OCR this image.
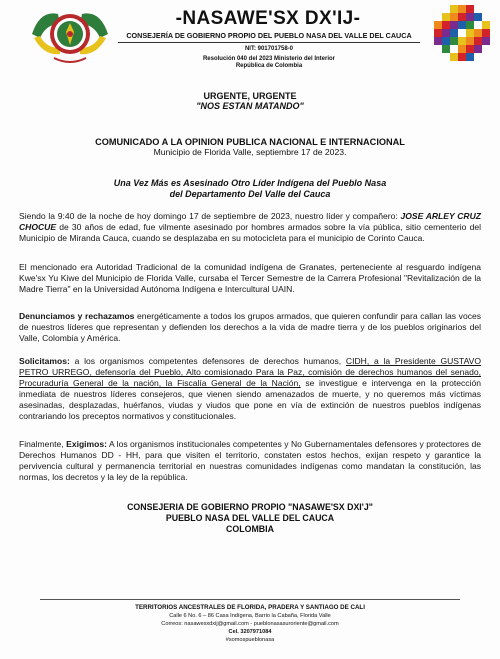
-NASAWE'SX DX'IJ-
CONSEJERÍA DE GOBIERNO PROPIO DEL PUEBLO NASA DEL VALLE DEL CAUCA
NIT: 901701758-0
Resolución 040 del 2023 Ministerio del Interior
República de Colombia
URGENTE, URGENTE
"NOS ESTAN MATANDO"
COMUNICADO A LA OPINION PUBLICA NACIONAL E INTERNACIONAL
Municipio de Florida Valle, septiembre 17 de 2023.
Una Vez Más es Asesinado Otro Líder Indígena del Pueblo Nasa
del Departamento Del Valle del Cauca

Siendo la 9:40 de la noche de hoy domingo 17 de septiembre de 2023, nuestro líder y compañero: JOSE ARLEY CRUZ CHOCUE de 30 años de edad, fue vilmente asesinado por hombres armados sobre la vía pública, sitio cementerio del Municipio de Miranda Cauca, cuando se desplazaba en su motocicleta para el municipio de Corinto Cauca.

El mencionado era Autoridad Tradicional de la comunidad indígena de Granates, perteneciente al resguardo indígena Kwe'sx Yu Kiwe del Municipio de Florida Valle, cursaba el Tercer Semestre de la Carrera Profesional "Revitalización de la Madre Tierra" en la Universidad Autónoma Indígena e Intercultural UAIN.

Denunciamos y rechazamos energéticamente a todos los grupos armados, que quieren confundir para callan las voces de nuestros líderes que representan y defienden los derechos a la vida de madre tierra y de los pueblos originarios del Valle, Colombia y América.

Solicitamos: a los organismos competentes defensores de derechos humanos, CIDH, a la Presidente GUSTAVO PETRO URREGO, defensoría del Pueblo, Alto comisionado Para la Paz, comisión de derechos humanos del senado, Procuraduría General de la nación, la Fiscalía General de la Nación, se investigue e intervenga en la protección inmediata de nuestros líderes consejeros, que vienen siendo amenazados de muerte, y no queremos más víctimas asesinadas, desplazadas, huérfanos, viudas y viudos que pone en vía de extinción de nuestros pueblos indígenas contrariando los preceptos normativos y constitucionales.

Finalmente, Exigimos: A los organismos institucionales competentes y No Gubernamentales defensores y protectores de Derechos Humanos DD - HH, para que visiten el territorio, constaten estos hechos, exijan respeto y garantice la pervivencia cultural y permanencia territorial en nuestras comunidades indígenas como mandatan la constitución, las normas, los decretos y la ley de la república.

CONSEJERIA DE GOBIERNO PROPIO "NASAWE'SX DXI'J"
PUEBLO NASA DEL VALLE DEL CAUCA
COLOMBIA
TERRITORIOS ANCESTRALES DE FLORIDA, PRADERA Y SANTIAGO DE CALI
Calle 6 No. 6 – 86 Casa Indígena, Barrio la Cabaña, Florida Valle
Correos: nasawesxdxij@gmail.com - pueblonasasuroriente@gmail.com
Cel. 3207971084
#somospueblonasa
